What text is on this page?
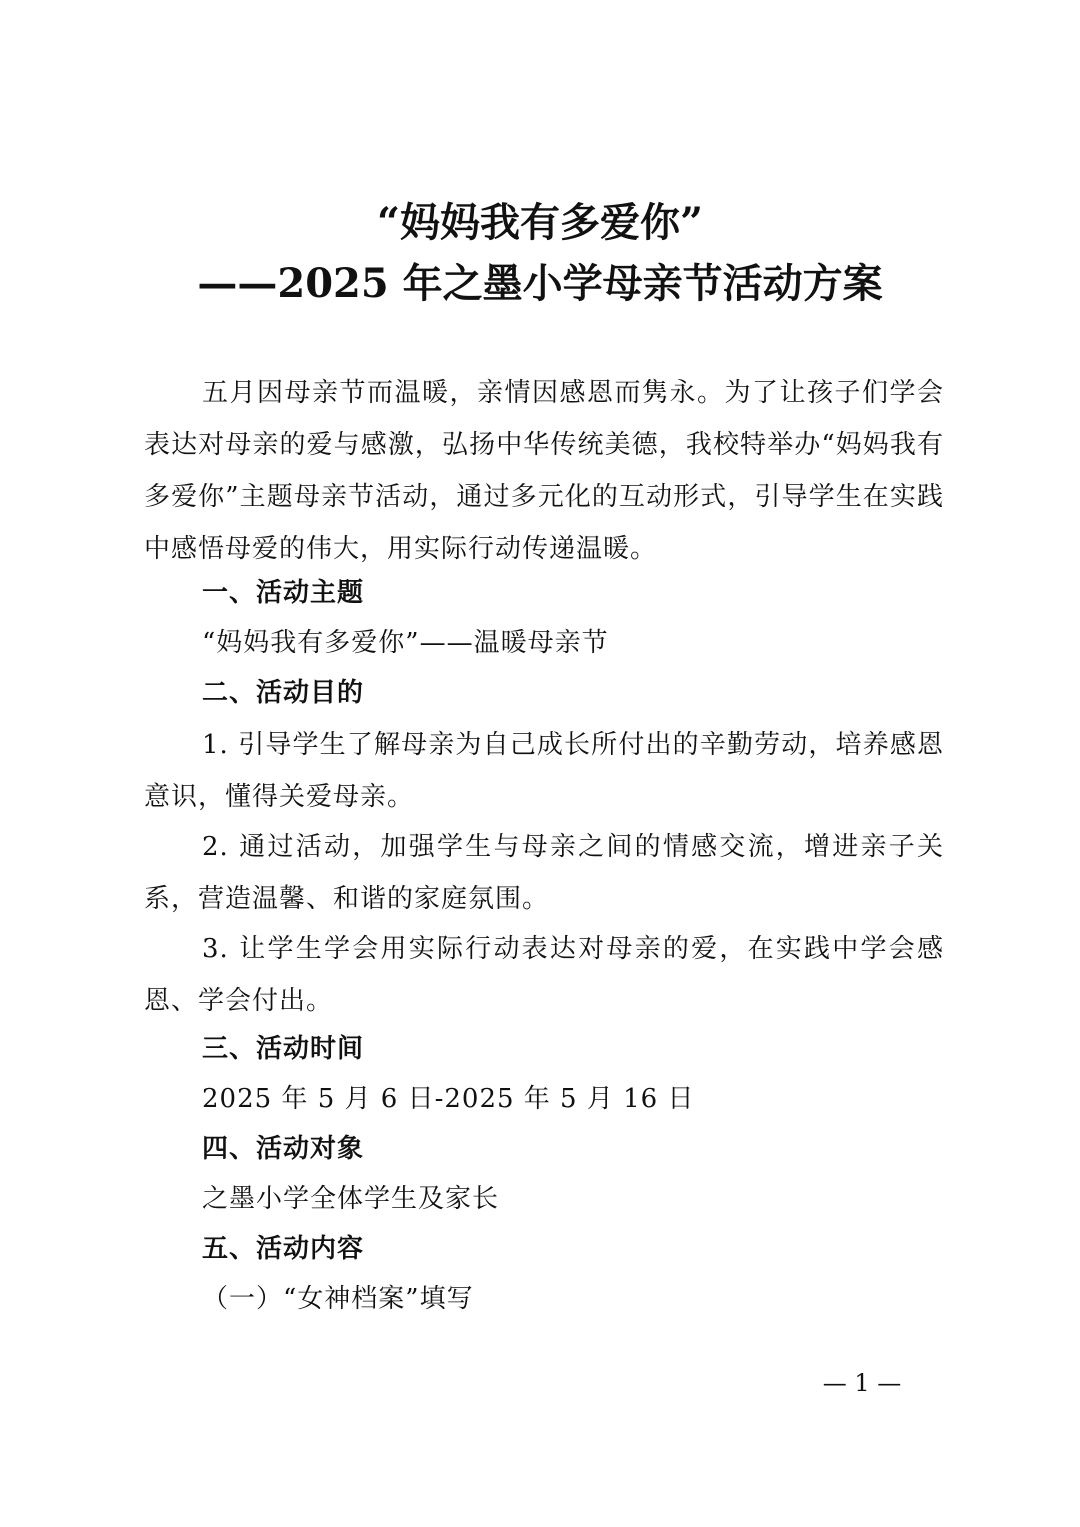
“妈妈我有多爱你”
——2025 年之墨小学母亲节活动方案

五月因母亲节而温暖，亲情因感恩而隽永。为了让孩子们学会表达对母亲的爱与感激，弘扬中华传统美德，我校特举办“妈妈我有多爱你”主题母亲节活动，通过多元化的互动形式，引导学生在实践中感悟母爱的伟大，用实际行动传递温暖。

一、活动主题
“妈妈我有多爱你”——温暖母亲节
二、活动目的

1. 引导学生了解母亲为自己成长所付出的辛勤劳动，培养感恩意识，懂得关爱母亲。

2. 通过活动，加强学生与母亲之间的情感交流，增进亲子关系，营造温馨、和谐的家庭氛围。

3. 让学生学会用实际行动表达对母亲的爱，在实践中学会感恩、学会付出。

三、活动时间
2025 年 5 月 6 日-2025 年 5 月 16 日
四、活动对象
之墨小学全体学生及家长
五、活动内容
（一）“女神档案”填写
— 1 —
